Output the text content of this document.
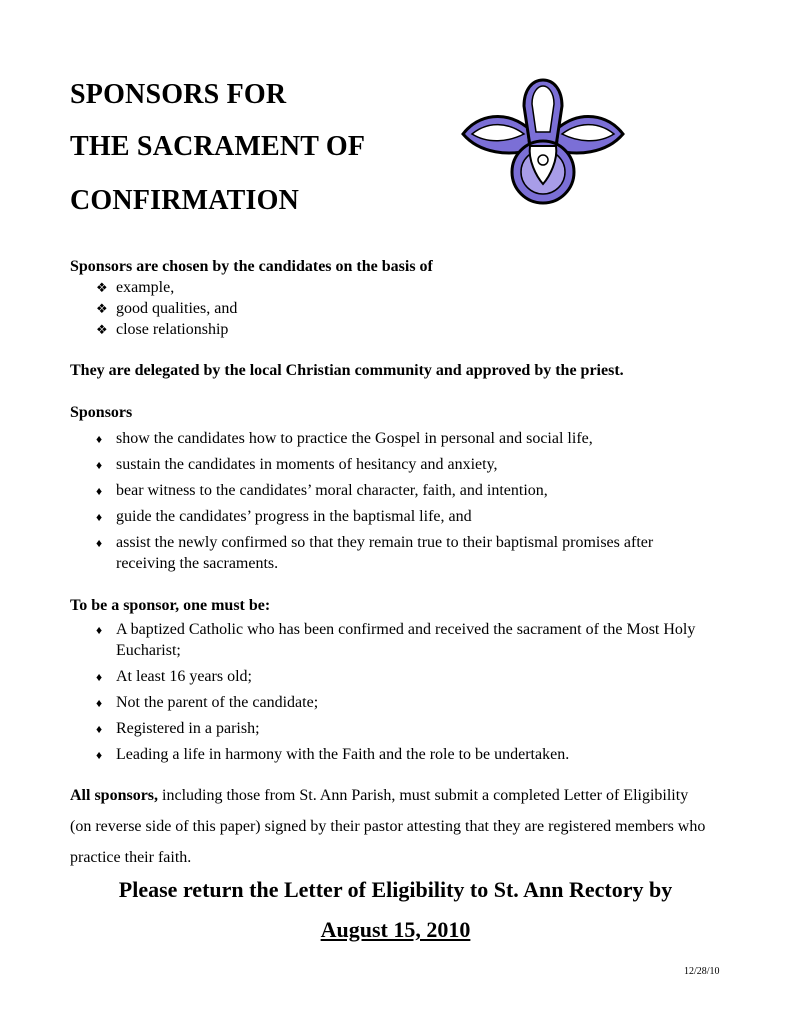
SPONSORS FOR
THE SACRAMENT OF
CONFIRMATION
Sponsors are chosen by the candidates on the basis of
❖ example,
❖ good qualities, and
❖ close relationship
They are delegated by the local Christian community and approved by the priest.
Sponsors
♦ show the candidates how to practice the Gospel in personal and social life,
♦ sustain the candidates in moments of hesitancy and anxiety,
♦ bear witness to the candidates’ moral character, faith, and intention,
♦ guide the candidates’ progress in the baptismal life, and
♦ assist the newly confirmed so that they remain true to their baptismal promises after receiving the sacraments.
To be a sponsor, one must be:
♦ A baptized Catholic who has been confirmed and received the sacrament of the Most Holy Eucharist;
♦ At least 16 years old;
♦ Not the parent of the candidate;
♦ Registered in a parish;
♦ Leading a life in harmony with the Faith and the role to be undertaken.
All sponsors, including those from St. Ann Parish, must submit a completed Letter of Eligibility (on reverse side of this paper) signed by their pastor attesting that they are registered members who practice their faith.
Please return the Letter of Eligibility to St. Ann Rectory by
August 15, 2010
12/28/10
